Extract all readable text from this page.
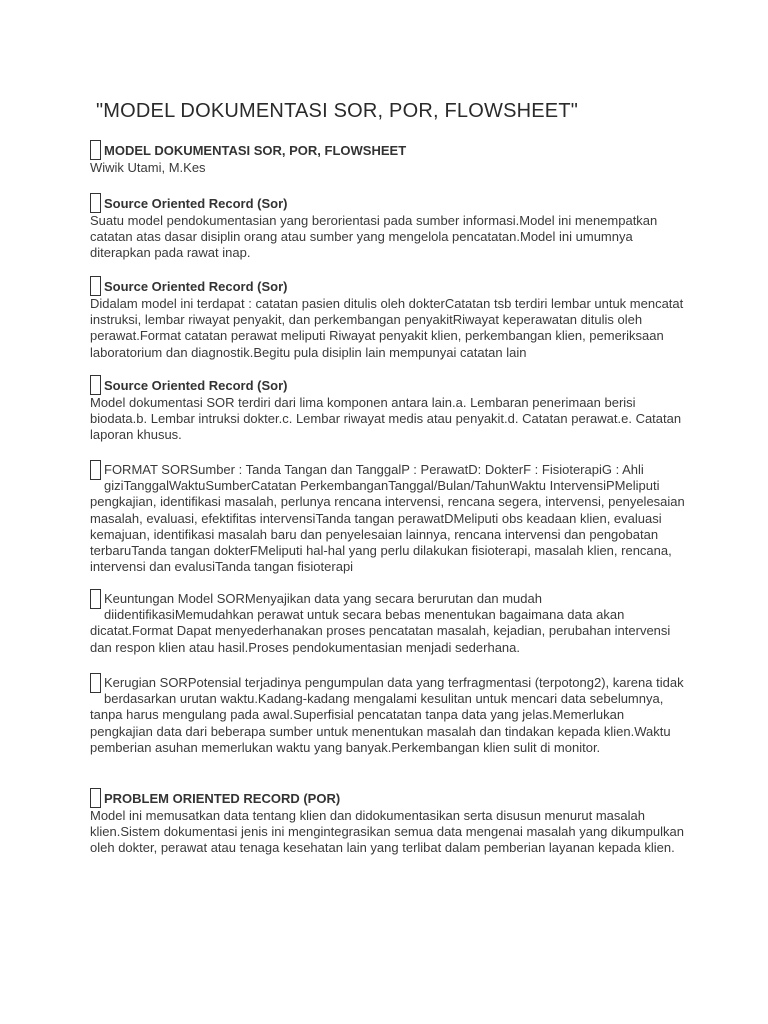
"MODEL DOKUMENTASI SOR, POR, FLOWSHEET"
MODEL DOKUMENTASI SOR, POR, FLOWSHEET

Wiwik Utami, M.Kes

Source Oriented Record (Sor)

Suatu model pendokumentasian yang berorientasi pada sumber informasi.Model ini menempatkan catatan atas dasar disiplin orang atau sumber yang mengelola pencatatan.Model ini umumnya diterapkan pada rawat inap.

Source Oriented Record (Sor)

Didalam model ini terdapat : catatan pasien ditulis oleh dokterCatatan tsb terdiri lembar untuk mencatat instruksi, lembar riwayat penyakit, dan perkembangan penyakitRiwayat keperawatan ditulis oleh perawat.Format catatan perawat meliputi Riwayat penyakit klien, perkembangan klien, pemeriksaan laboratorium dan diagnostik.Begitu pula disiplin lain mempunyai catatan lain

Source Oriented Record (Sor)

Model dokumentasi SOR terdiri dari lima komponen antara lain.a. Lembaran penerimaan berisi biodata.b. Lembar intruksi dokter.c. Lembar riwayat medis atau penyakit.d. Catatan perawat.e. Catatan laporan khusus.

FORMAT SORSumber : Tanda Tangan dan TanggalP : PerawatD: DokterF : FisioterapiG : Ahli giziTanggalWaktuSumberCatatan PerkembanganTanggal/Bulan/TahunWaktu IntervensiPMeliputi pengkajian, identifikasi masalah, perlunya rencana intervensi, rencana segera, intervensi, penyelesaian masalah, evaluasi, efektifitas intervensiTanda tangan perawatDMeliputi obs keadaan klien, evaluasi kemajuan, identifikasi masalah baru dan penyelesaian lainnya, rencana intervensi dan pengobatan terbaruTanda tangan dokterFMeliputi hal-hal yang perlu dilakukan fisioterapi, masalah klien, rencana, intervensi dan evalusiTanda tangan fisioterapi

Keuntungan Model SORMenyajikan data yang secara berurutan dan mudah diidentifikasiMemudahkan perawat untuk secara bebas menentukan bagaimana data akan dicatat.Format Dapat menyederhanakan proses pencatatan masalah, kejadian, perubahan intervensi dan respon klien atau hasil.Proses pendokumentasian menjadi sederhana.

Kerugian SORPotensial terjadinya pengumpulan data yang terfragmentasi (terpotong2), karena tidak berdasarkan urutan waktu.Kadang-kadang mengalami kesulitan untuk mencari data sebelumnya, tanpa harus mengulang pada awal.Superfisial pencatatan tanpa data yang jelas.Memerlukan pengkajian data dari beberapa sumber untuk menentukan masalah dan tindakan kepada klien.Waktu pemberian asuhan memerlukan waktu yang banyak.Perkembangan klien sulit di monitor.

PROBLEM ORIENTED RECORD (POR)

Model ini memusatkan data tentang klien dan didokumentasikan serta disusun menurut masalah klien.Sistem dokumentasi jenis ini mengintegrasikan semua data mengenai masalah yang dikumpulkan oleh dokter, perawat atau tenaga kesehatan lain yang terlibat dalam pemberian layanan kepada klien.
